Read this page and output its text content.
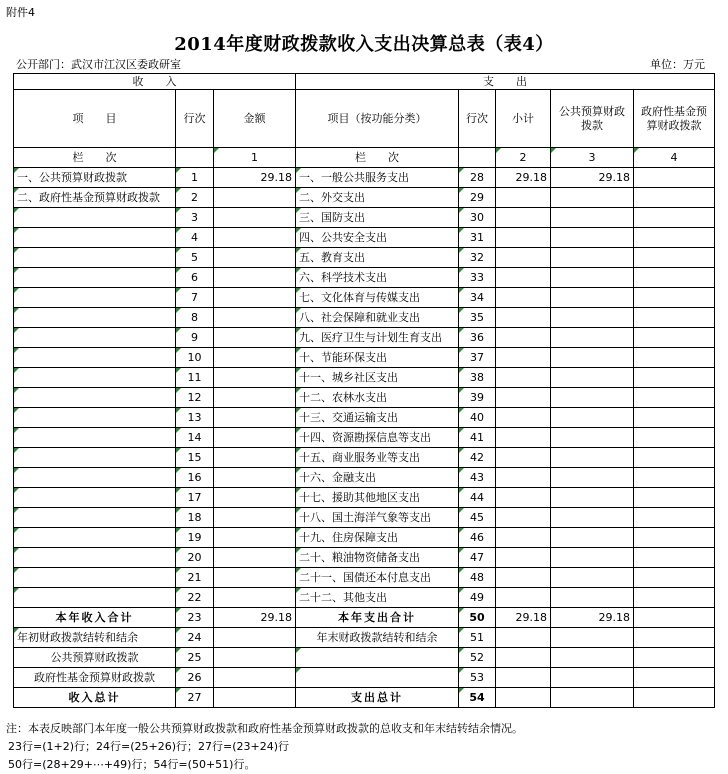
附件4
2014年度财政拨款收入支出决算总表（表4）
公开部门：武汉市江汉区委政研室	单位：万元
收　　入			支　　出				
项　　目	行次	金额	项目（按功能分类）	行次	小计	公共预算财政拨款	政府性基金预算财政拨款
栏　　次		1	栏　　次		2	3	4
一、公共预算财政拨款	1	29.18	一、一般公共服务支出	28	29.18	29.18	
二、政府性基金预算财政拨款	2		二、外交支出	29			
	3		三、国防支出	30			
	4		四、公共安全支出	31			
	5		五、教育支出	32			
	6		六、科学技术支出	33			
	7		七、文化体育与传媒支出	34			
	8		八、社会保障和就业支出	35			
	9		九、医疗卫生与计划生育支出	36			
	10		十、节能环保支出	37			
	11		十一、城乡社区支出	38			
	12		十二、农林水支出	39			
	13		十三、交通运输支出	40			
	14		十四、资源勘探信息等支出	41			
	15		十五、商业服务业等支出	42			
	16		十六、金融支出	43			
	17		十七、援助其他地区支出	44			
	18		十八、国土海洋气象等支出	45			
	19		十九、住房保障支出	46			
	20		二十、粮油物资储备支出	47			
	21		二十一、国债还本付息支出	48			
	22		二十二、其他支出	49			
本年收入合计	23	29.18	本年支出合计	50	29.18	29.18	
年初财政拨款结转和结余	24		年末财政拨款结转和结余	51			
公共预算财政拨款	25			52			
政府性基金预算财政拨款	26			53			
收入总计	27		支出总计	54			
注：本表反映部门本年度一般公共预算财政拨款和政府性基金预算财政拨款的总收支和年末结转结余情况。
23行=(1+2)行；24行=(25+26)行；27行=(23+24)行
50行=(28+29+⋯+49)行；54行=(50+51)行。
